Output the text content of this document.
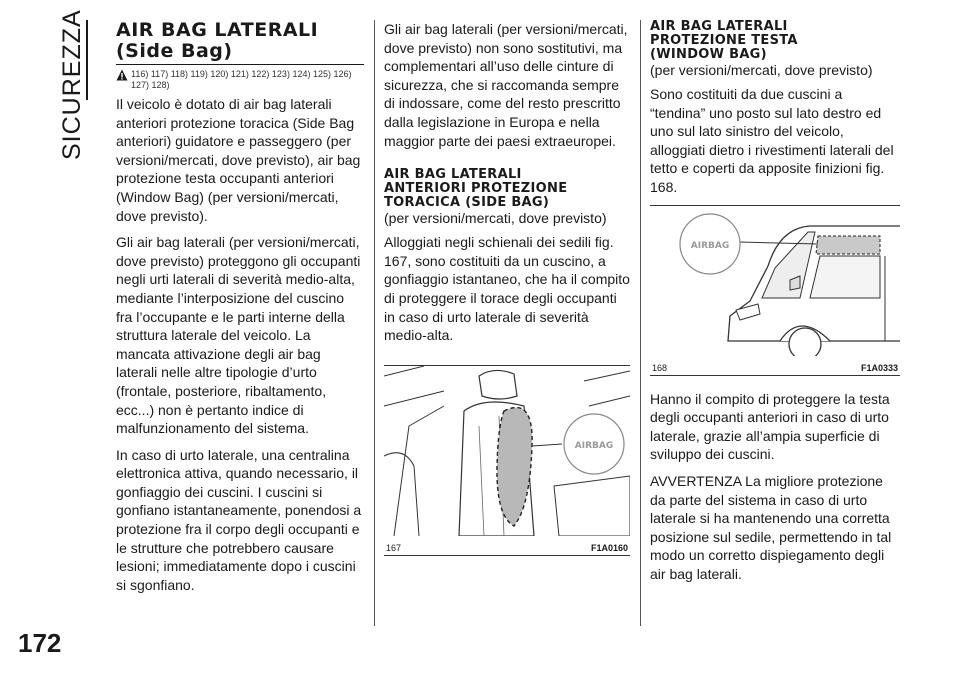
SICUREZZA
172
AIR BAG LATERALI
(Side Bag)
116) 117) 118) 119) 120) 121) 122) 123) 124) 125) 126) 127) 128)

Il veicolo è dotato di air bag laterali anteriori protezione toracica (Side Bag anteriori) guidatore e passeggero (per versioni/mercati, dove previsto), air bag protezione testa occupanti anteriori (Window Bag) (per versioni/mercati, dove previsto).

Gli air bag laterali (per versioni/mercati, dove previsto) proteggono gli occupanti negli urti laterali di severità medio-alta, mediante l’interposizione del cuscino fra l’occupante e le parti interne della struttura laterale del veicolo. La mancata attivazione degli air bag laterali nelle altre tipologie d’urto (frontale, posteriore, ribaltamento, ecc...) non è pertanto indice di malfunzionamento del sistema.

In caso di urto laterale, una centralina elettronica attiva, quando necessario, il gonfiaggio dei cuscini. I cuscini si gonfiano istantaneamente, ponendosi a protezione fra il corpo degli occupanti e le strutture che potrebbero causare lesioni; immediatamente dopo i cuscini si sgonfiano.

Gli air bag laterali (per versioni/mercati, dove previsto) non sono sostitutivi, ma complementari all’uso delle cinture di sicurezza, che si raccomanda sempre di indossare, come del resto prescritto dalla legislazione in Europa e nella maggior parte dei paesi extraeuropei.

AIR BAG LATERALI
ANTERIORI PROTEZIONE
TORACICA (SIDE BAG)
(per versioni/mercati, dove previsto)

Alloggiati negli schienali dei sedili fig. 167, sono costituiti da un cuscino, a gonfiaggio istantaneo, che ha il compito di proteggere il torace degli occupanti in caso di urto laterale di severità medio-alta.

AIRBAG
167	F1A0160
AIR BAG LATERALI
PROTEZIONE TESTA
(WINDOW BAG)
(per versioni/mercati, dove previsto)

Sono costituiti da due cuscini a “tendina” uno posto sul lato destro ed uno sul lato sinistro del veicolo, alloggiati dietro i rivestimenti laterali del tetto e coperti da apposite finizioni fig. 168.

AIRBAG
168	F1A0333

Hanno il compito di proteggere la testa degli occupanti anteriori in caso di urto laterale, grazie all’ampia superficie di sviluppo dei cuscini.

AVVERTENZA La migliore protezione da parte del sistema in caso di urto laterale si ha mantenendo una corretta posizione sul sedile, permettendo in tal modo un corretto dispiegamento degli air bag laterali.
